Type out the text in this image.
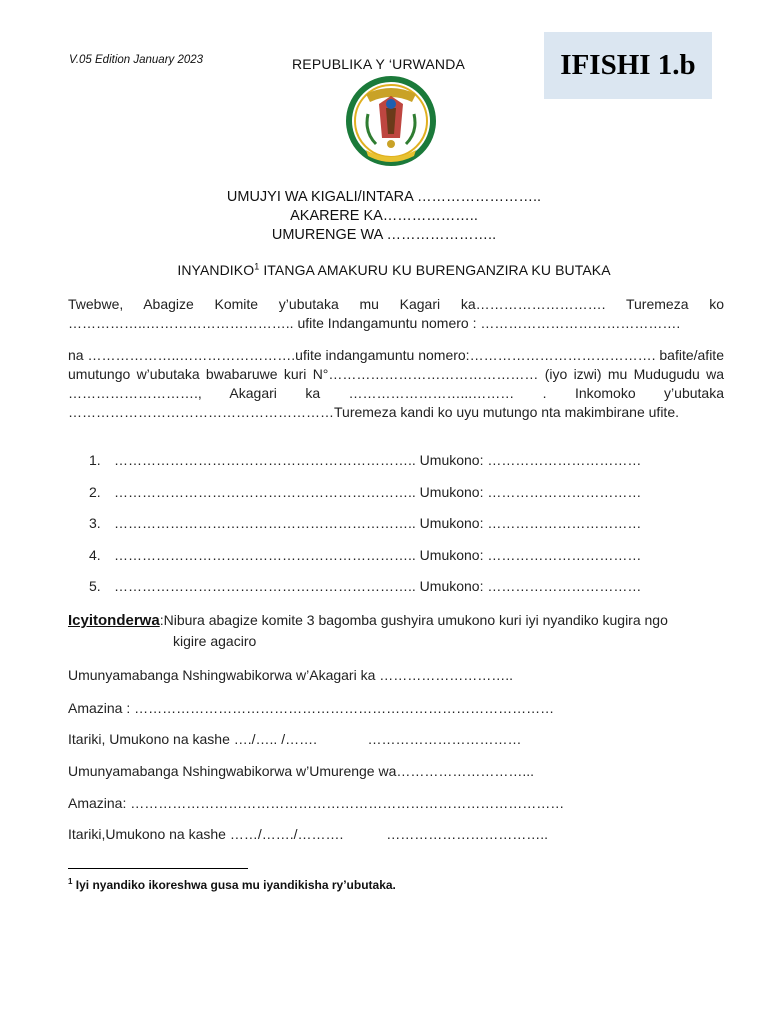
V.05 Edition January 2023	REPUBLIKA Y ‘URWANDA	IFISHI 1.b
UMUJYI WA KIGALI/INTARA ……………………..
AKARERE KA………………..
UMURENGE WA …………………..
INYANDIKO$^1$ ITANGA AMAKURU KU BURENGANZIRA KU BUTAKA
Twebwe, Abagize Komite y’ubutaka mu Kagari ka………………………. Turemeza ko ……………..………………………….. ufite Indangamuntu nomero : …………………………………….
na ………………..…………………….ufite indangamuntu nomero:…………………………………. bafite/afite umutungo w’ubutaka bwabaruwe kuri N°……………………………………… (iyo izwi) mu Mudugudu wa ………………………., Akagari ka ……………………...……… . Inkomoko y’ubutaka …………………………………………………Turemeza kandi ko uyu mutungo nta makimbirane ufite.
1. ……………………………………………………….. Umukono: ……………………………
2. ……………………………………………………….. Umukono: ……………………………
3. ……………………………………………………….. Umukono: ……………………………
4. ……………………………………………………….. Umukono: ……………………………
5. ……………………………………………………….. Umukono: ……………………………
Icyitonderwa:Nibura abagize komite 3 bagomba gushyira umukono kuri iyi nyandiko kugira ngo
kigire agaciro
Umunyamabanga Nshingwabikorwa w’Akagari ka ………………………..
Amazina : ………………………………………………………………………………
Itariki, Umukono na kashe …./….. /…….             ……………………………
Umunyamabanga Nshingwabikorwa w’Umurenge wa………………………...
Amazina: …………………………………………………………………………………
Itariki,Umukono na kashe ……/……./……….           ……………………………..
$^1$ Iyi nyandiko ikoreshwa gusa mu iyandikisha ry’ubutaka.
